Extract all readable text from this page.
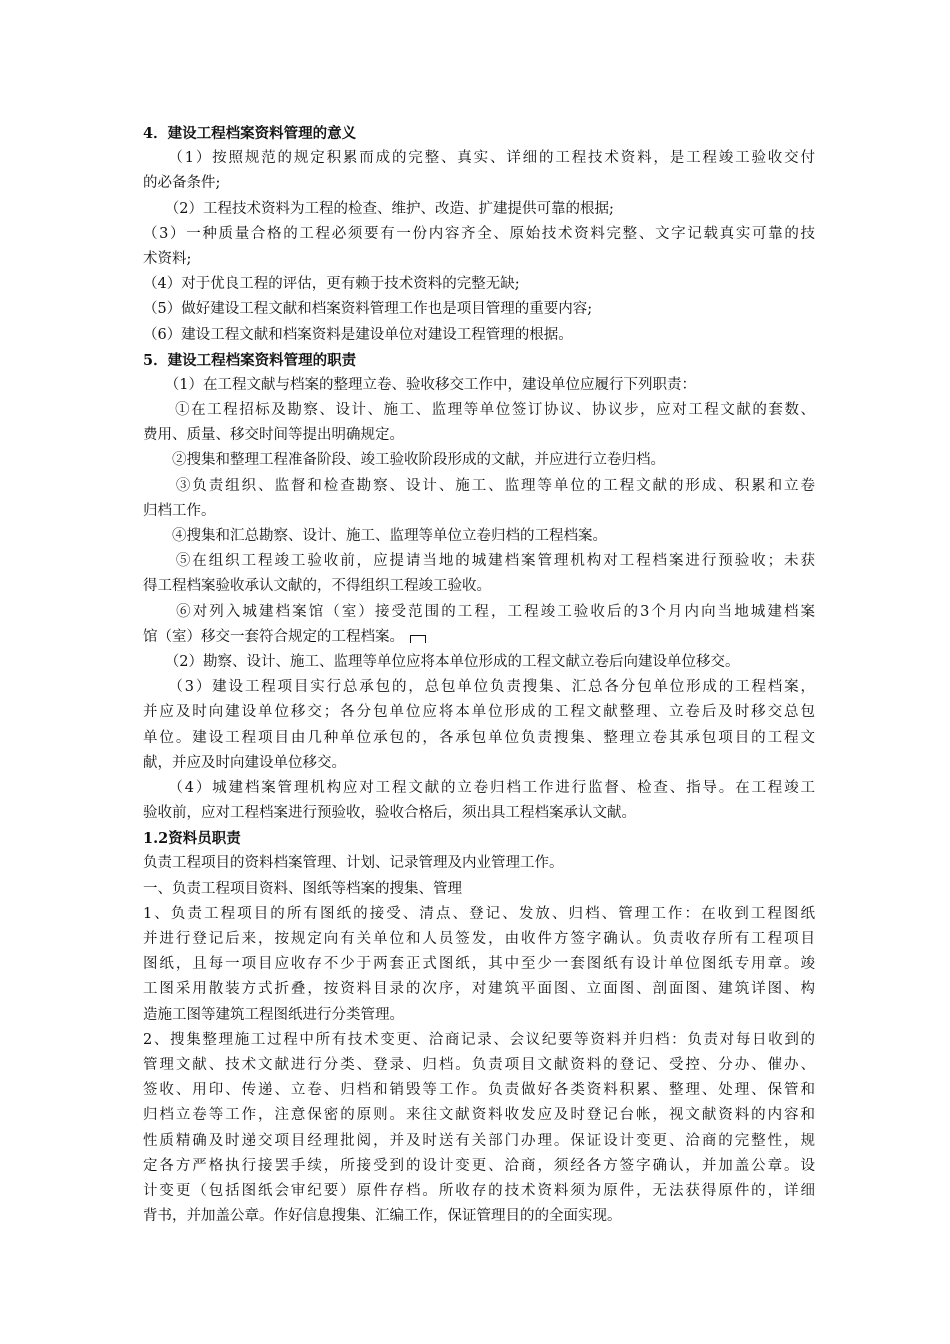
4．建设工程档案资料管理的意义
　　（1）按照规范的规定积累而成的完整、真实、详细的工程技术资料，是工程竣工验收交付
的必备条件;
　　（2）工程技术资料为工程的检查、维护、改造、扩建提供可靠的根据;
（3）一种质量合格的工程必须要有一份内容齐全、原始技术资料完整、文字记载真实可靠的技
术资料;
（4）对于优良工程的评估，更有赖于技术资料的完整无缺;
（5）做好建设工程文献和档案资料管理工作也是项目管理的重要内容;
（6）建设工程文献和档案资料是建设单位对建设工程管理的根据。
5．建设工程档案资料管理的职责
　　（1）在工程文献与档案的整理立卷、验收移交工作中，建设单位应履行下列职责：
　　①在工程招标及勘察、设计、施工、监理等单位签订协议、协议步，应对工程文献的套数、
费用、质量、移交时间等提出明确规定。
　　②搜集和整理工程准备阶段、竣工验收阶段形成的文献，并应进行立卷归档。
　　③负责组织、监督和检查勘察、设计、施工、监理等单位的工程文献的形成、积累和立卷
归档工作。
　　④搜集和汇总勘察、设计、施工、监理等单位立卷归档的工程档案。
　　⑤在组织工程竣工验收前，应提请当地的城建档案管理机构对工程档案进行预验收；未获
得工程档案验收承认文献的，不得组织工程竣工验收。
　　⑥对列入城建档案馆（室）接受范围的工程，工程竣工验收后的3个月内向当地城建档案
馆（室）移交一套符合规定的工程档案。
　　（2）勘察、设计、施工、监理等单位应将本单位形成的工程文献立卷后向建设单位移交。
　　（3）建设工程项目实行总承包的，总包单位负责搜集、汇总各分包单位形成的工程档案，
并应及时向建设单位移交；各分包单位应将本单位形成的工程文献整理、立卷后及时移交总包
单位。建设工程项目由几种单位承包的，各承包单位负责搜集、整理立卷其承包项目的工程文
献，并应及时向建设单位移交。
　　（4）城建档案管理机构应对工程文献的立卷归档工作进行监督、检查、指导。在工程竣工
验收前，应对工程档案进行预验收，验收合格后，须出具工程档案承认文献。
1.2资料员职责
负责工程项目的资料档案管理、计划、记录管理及内业管理工作。
一、负责工程项目资料、图纸等档案的搜集、管理
1、负责工程项目的所有图纸的接受、清点、登记、发放、归档、管理工作：在收到工程图纸
并进行登记后来，按规定向有关单位和人员签发，由收件方签字确认。负责收存所有工程项目
图纸，且每一项目应收存不少于两套正式图纸，其中至少一套图纸有设计单位图纸专用章。竣
工图采用散装方式折叠，按资料目录的次序，对建筑平面图、立面图、剖面图、建筑详图、构
造施工图等建筑工程图纸进行分类管理。
2、搜集整理施工过程中所有技术变更、洽商记录、会议纪要等资料并归档：负责对每日收到的
管理文献、技术文献进行分类、登录、归档。负责项目文献资料的登记、受控、分办、催办、
签收、用印、传递、立卷、归档和销毁等工作。负责做好各类资料积累、整理、处理、保管和
归档立卷等工作，注意保密的原则。来往文献资料收发应及时登记台帐，视文献资料的内容和
性质精确及时递交项目经理批阅，并及时送有关部门办理。保证设计变更、洽商的完整性，规
定各方严格执行接罢手续，所接受到的设计变更、洽商，须经各方签字确认，并加盖公章。设
计变更（包括图纸会审纪要）原件存档。所收存的技术资料须为原件，无法获得原件的，详细
背书，并加盖公章。作好信息搜集、汇编工作，保证管理目的的全面实现。
